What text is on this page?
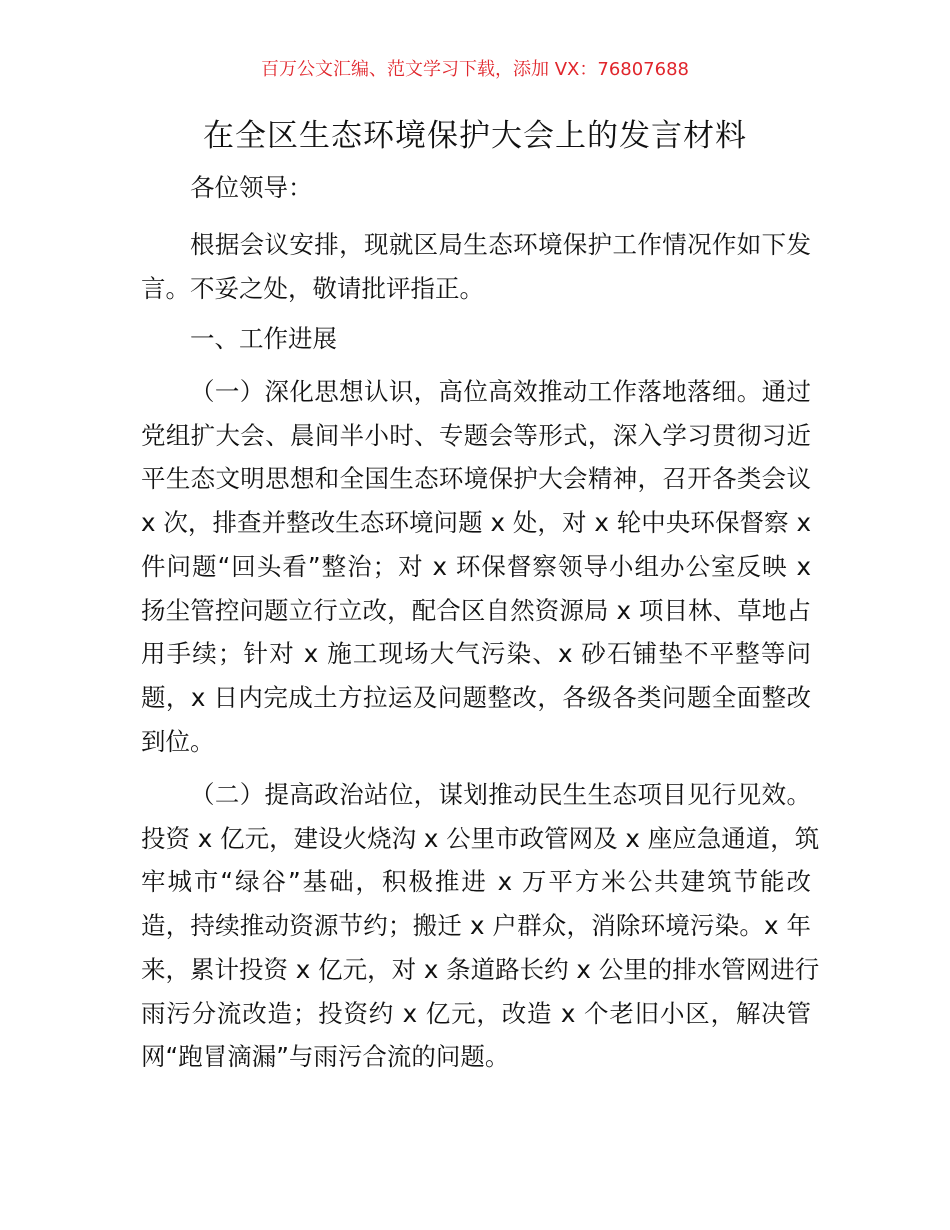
百万公文汇编、范文学习下载，添加 VX：76807688
在全区生态环境保护大会上的发言材料
各位领导：
根据会议安排，现就区局生态环境保护工作情况作如下发
言。不妥之处，敬请批评指正。
一、工作进展
（一）深化思想认识，高位高效推动工作落地落细。通过
党组扩大会、晨间半小时、专题会等形式，深入学习贯彻习近
平生态文明思想和全国生态环境保护大会精神，召开各类会议
x 次，排查并整改生态环境问题 x 处，对 x 轮中央环保督察 x
件问题“回头看”整治；对 x 环保督察领导小组办公室反映 x
扬尘管控问题立行立改，配合区自然资源局 x 项目林、草地占
用手续；针对 x 施工现场大气污染、x 砂石铺垫不平整等问
题，x 日内完成土方拉运及问题整改，各级各类问题全面整改
到位。
（二）提高政治站位，谋划推动民生生态项目见行见效。
投资 x 亿元，建设火烧沟 x 公里市政管网及 x 座应急通道，筑
牢城市“绿谷”基础，积极推进 x 万平方米公共建筑节能改
造，持续推动资源节约；搬迁 x 户群众，消除环境污染。x 年
来，累计投资 x 亿元，对 x 条道路长约 x 公里的排水管网进行
雨污分流改造；投资约 x 亿元，改造 x 个老旧小区，解决管
网“跑冒滴漏”与雨污合流的问题。
